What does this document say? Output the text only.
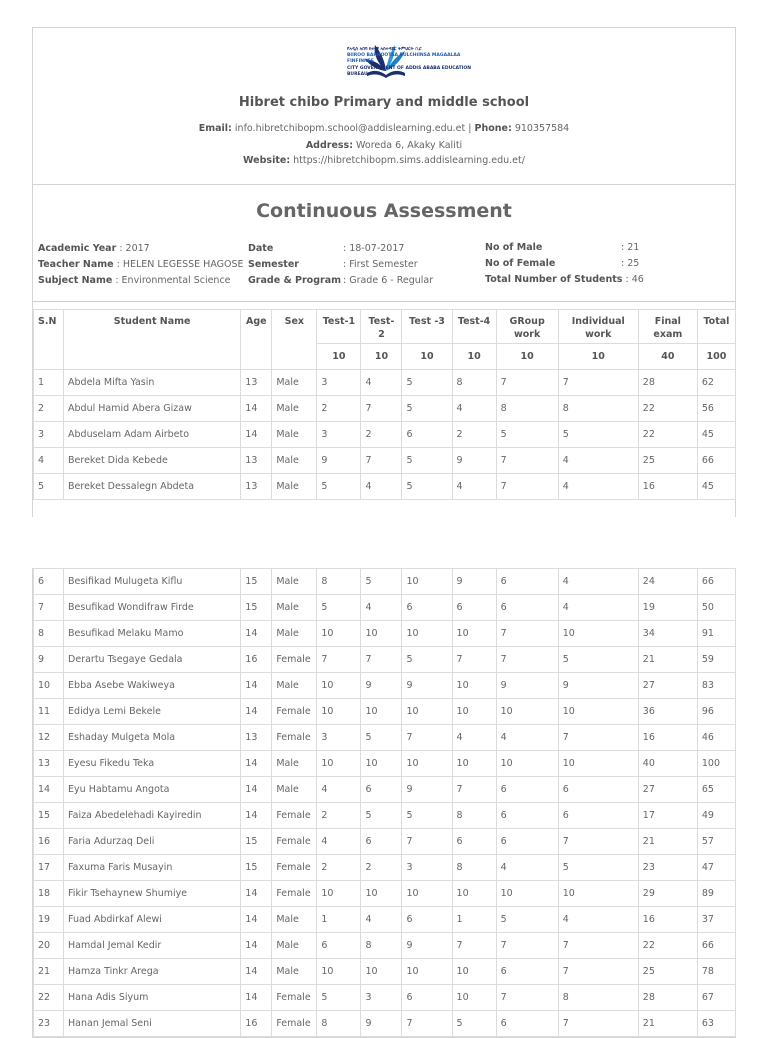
የአዲስ አበባ ከተማ አስተዳደር ትምህርት ቢሮ
BIIROO BARNOOTAA BULCHIINSA MAGAALAA FINFINNEE
CITY GOVERNMENT OF ADDIS ABABA EDUCATION BUREAU
Hibret chibo Primary and middle school
Email: info.hibretchibopm.school@addislearning.edu.et | Phone: 910357584
Address: Woreda 6, Akaky Kaliti
Website: https://hibretchibopm.sims.addislearning.edu.et/
Continuous Assessment
Academic Year : 2017
Teacher Name : HELEN LEGESSE HAGOSE
Subject Name : Environmental Science
Date	: 18-07-2017
Semester	: First Semester
Grade & Program : Grade 6 - Regular
No of Male	: 21
No of Female	: 25
Total Number of Students : 46
S.N	Student Name	Age	Sex	Test-1	Test-2	Test -3	Test-4	GRoup work	Individual work	Final exam	Total
				10	10	10	10	10	10	40	100
1	Abdela Mifta Yasin	13	Male	3	4	5	8	7	7	28	62
2	Abdul Hamid Abera Gizaw	14	Male	2	7	5	4	8	8	22	56
3	Abduselam Adam Airbeto	14	Male	3	2	6	2	5	5	22	45
4	Bereket Dida Kebede	13	Male	9	7	5	9	7	4	25	66
5	Bereket Dessalegn Abdeta	13	Male	5	4	5	4	7	4	16	45
6	Besifikad Mulugeta Kiflu	15	Male	8	5	10	9	6	4	24	66
7	Besufikad Wondifraw Firde	15	Male	5	4	6	6	6	4	19	50
8	Besufikad Melaku Mamo	14	Male	10	10	10	10	7	10	34	91
9	Derartu Tsegaye Gedala	16	Female	7	7	5	7	7	5	21	59
10	Ebba Asebe Wakiweya	14	Male	10	9	9	10	9	9	27	83
11	Edidya Lemi Bekele	14	Female	10	10	10	10	10	10	36	96
12	Eshaday Mulgeta Mola	13	Female	3	5	7	4	4	7	16	46
13	Eyesu Fikedu Teka	14	Male	10	10	10	10	10	10	40	100
14	Eyu Habtamu Angota	14	Male	4	6	9	7	6	6	27	65
15	Faiza Abedelehadi Kayiredin	14	Female	2	5	5	8	6	6	17	49
16	Faria Adurzaq Deli	15	Female	4	6	7	6	6	7	21	57
17	Faxuma Faris Musayin	15	Female	2	2	3	8	4	5	23	47
18	Fikir Tsehaynew Shumiye	14	Female	10	10	10	10	10	10	29	89
19	Fuad Abdirkaf Alewi	14	Male	1	4	6	1	5	4	16	37
20	Hamdal Jemal Kedir	14	Male	6	8	9	7	7	7	22	66
21	Hamza Tinkr Arega	14	Male	10	10	10	10	6	7	25	78
22	Hana Adis Siyum	14	Female	5	3	6	10	7	8	28	67
23	Hanan Jemal Seni	16	Female	8	9	7	5	6	7	21	63
